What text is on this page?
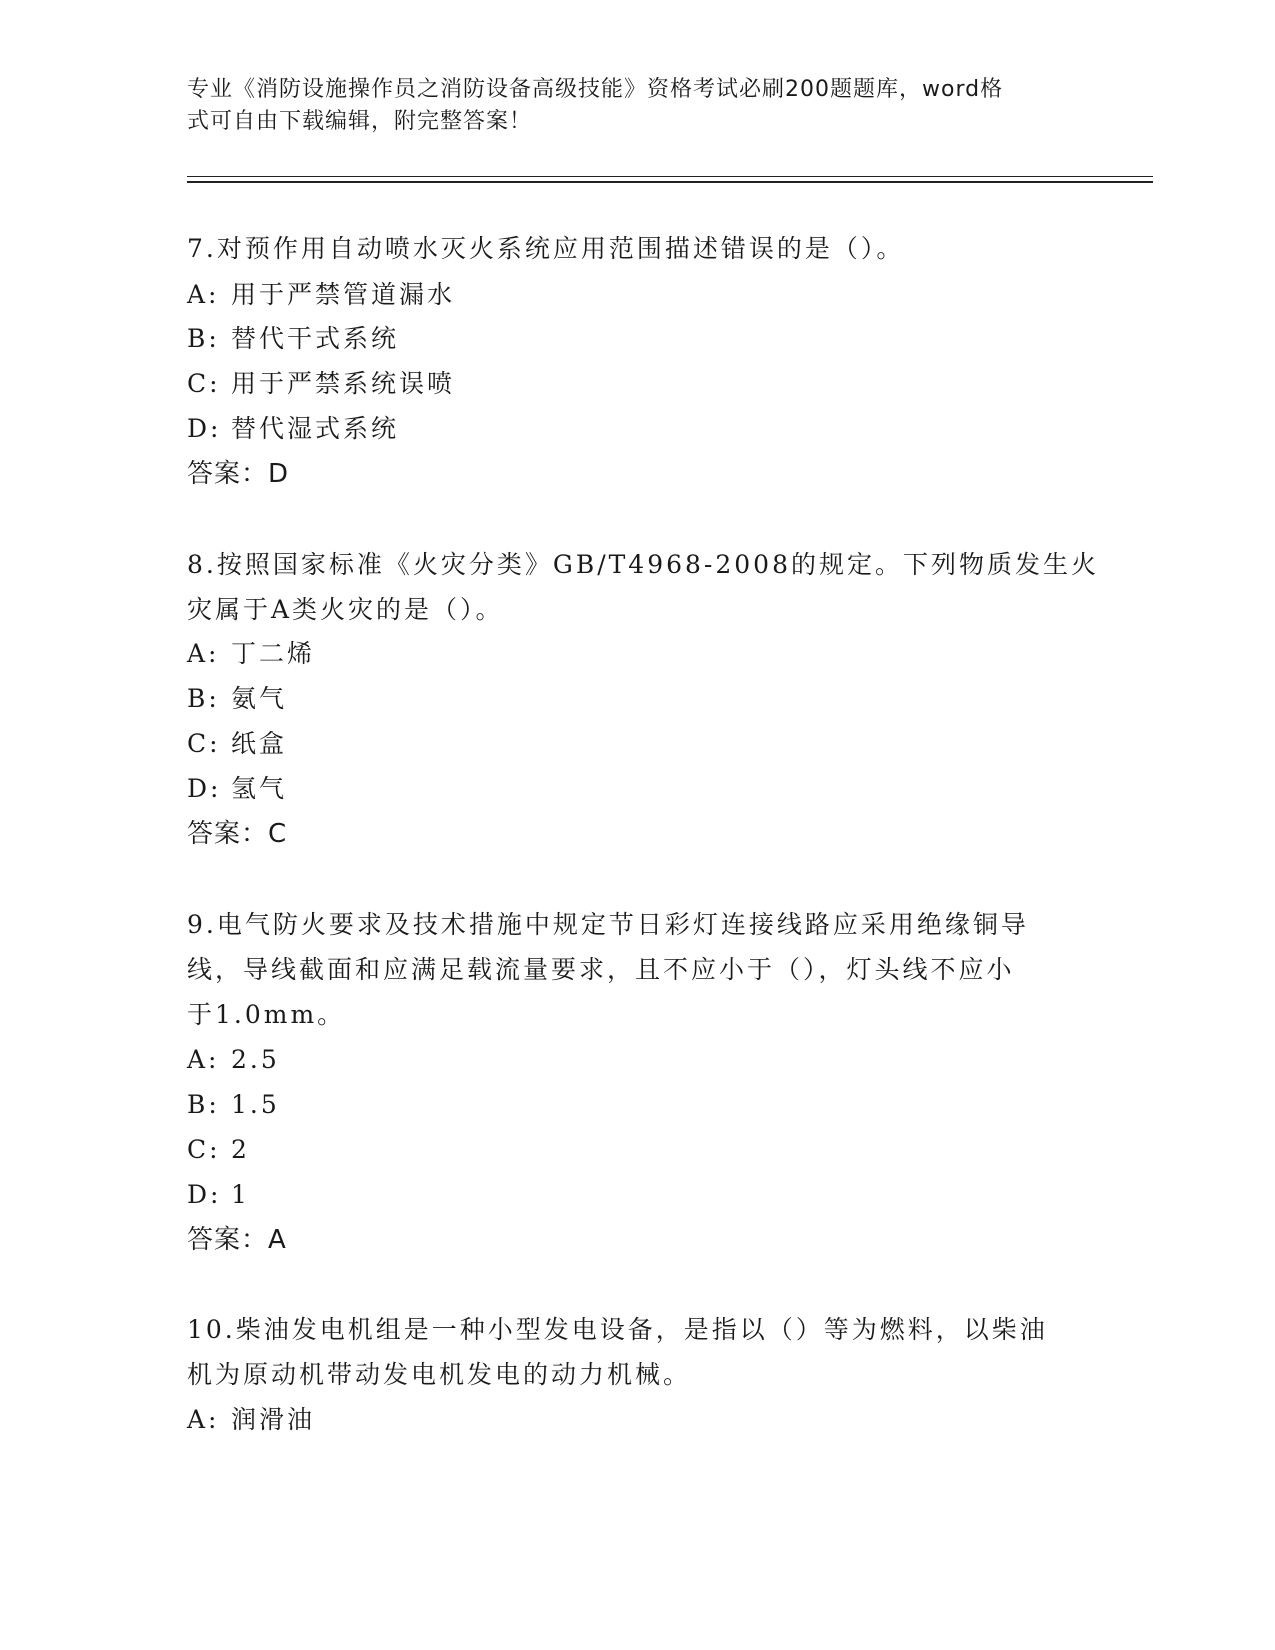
专业《消防设施操作员之消防设备高级技能》资格考试必刷200题题库，word格
式可自由下载编辑，附完整答案！
7.对预作用自动喷水灭火系统应用范围描述错误的是（）。
A: 用于严禁管道漏水
B: 替代干式系统
C: 用于严禁系统误喷
D: 替代湿式系统
答案：D
8.按照国家标准《火灾分类》GB/T4968-2008的规定。下列物质发生火
灾属于A类火灾的是（）。
A: 丁二烯
B: 氨气
C: 纸盒
D: 氢气
答案：C
9.电气防火要求及技术措施中规定节日彩灯连接线路应采用绝缘铜导
线，导线截面和应满足载流量要求，且不应小于（），灯头线不应小
于1.0mm。
A: 2.5
B: 1.5
C: 2
D: 1
答案：A
10.柴油发电机组是一种小型发电设备，是指以（）等为燃料，以柴油
机为原动机带动发电机发电的动力机械。
A: 润滑油
